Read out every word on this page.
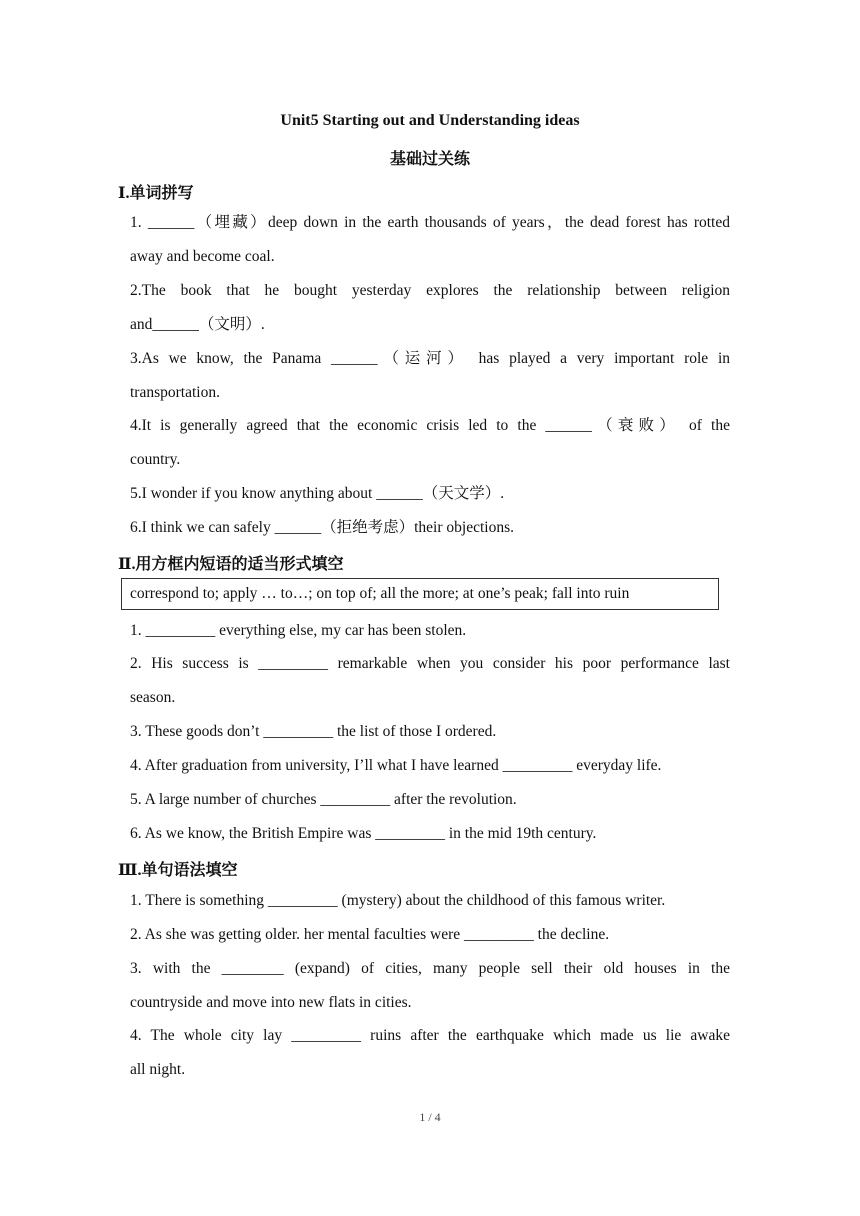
Unit5 Starting out and Understanding ideas
基础过关练
Ⅰ.单词拼写
1. ______（埋藏）deep down in the earth thousands of years，the dead forest has rotted
away and become coal.
2.The book that he bought yesterday explores the relationship between religion
and______（文明）.
3.As we know, the Panama ______（运河） has played a very important role in
transportation.
4.It is generally agreed that the economic crisis led to the ______（衰败） of the
country.
5.I wonder if you know anything about ______（天文学）.
6.I think we can safely ______（拒绝考虑）their objections.
Ⅱ.用方框内短语的适当形式填空
correspond to; apply … to…; on top of; all the more; at one’s peak; fall into ruin
1. _________ everything else, my car has been stolen.
2. His success is _________ remarkable when you consider his poor performance last
season.
3. These goods don’t _________ the list of those I ordered.
4. After graduation from university, I’ll what I have learned _________ everyday life.
5. A large number of churches _________ after the revolution.
6. As we know, the British Empire was _________ in the mid 19th century.
Ⅲ.单句语法填空
1. There is something _________ (mystery) about the childhood of this famous writer.
2. As she was getting older. her mental faculties were _________ the decline.
3. with the ________ (expand) of cities, many people sell their old houses in the
countryside and move into new flats in cities.
4. The whole city lay _________ ruins after the earthquake which made us lie awake
all night.
1 / 4
